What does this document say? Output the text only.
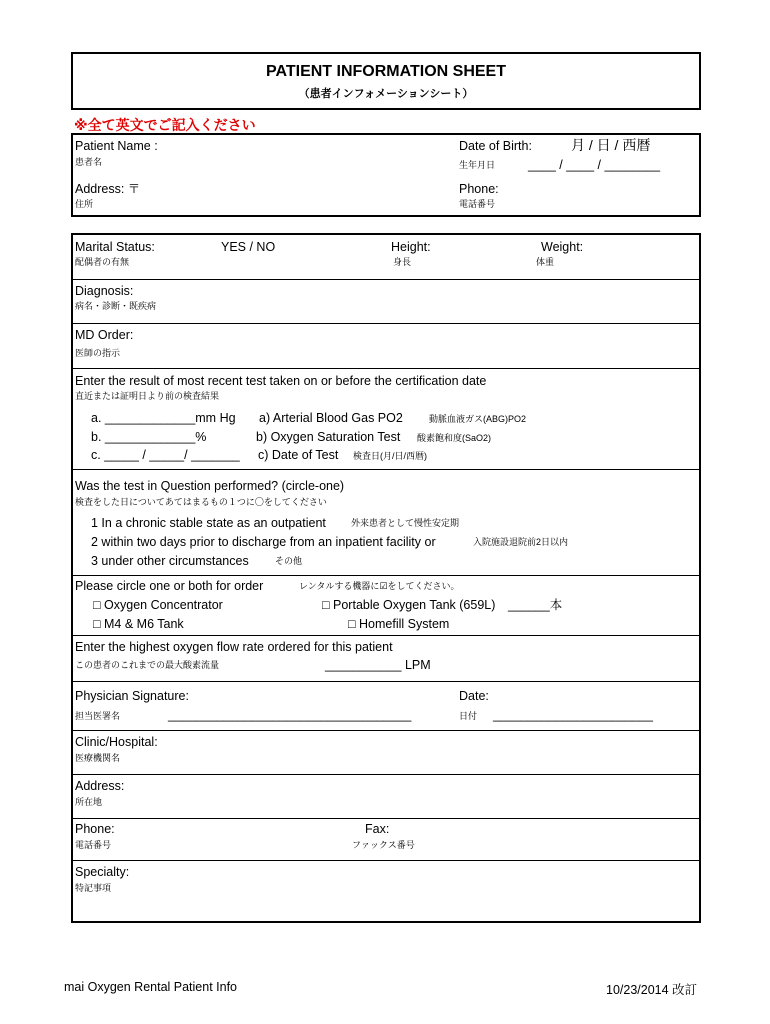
PATIENT INFORMATION SHEET
（患者インフォメーションシート）
※全て英文でご記入ください
Patient Name :
患者名
Date of Birth:	月 / 日 / 西暦
生年月日	____ / ____ / ________
Address: 〒
住所
Phone:
電話番号
Marital Status:	YES / NO
配偶者の有無
Height:
身長
Weight:
体重
Diagnosis:
病名・診断・既疾病
MD Order:
医師の指示
Enter the result of most recent test taken on or before the certification date
直近または証明日より前の検査結果
a. _____________mm Hg a) Arterial Blood Gas PO2	動脈血液ガス(ABG)PO2
b. _____________%	b) Oxygen Saturation Test 酸素飽和度(SaO2)
c. _____ / _____/ _______ c) Date of Test 検査日(月/日/西暦)
Was the test in Question performed? (circle-one)
検査をした日についてあてはまるもの１つに〇をしてください
1 In a chronic stable state as an outpatient	外来患者として慢性安定期
2 within two days prior to discharge from an inpatient facility or	入院施設退院前2日以内
3 under other circumstances	その他
Please circle one or both for order	レンタルする機器に☑をしてください。
□ Oxygen Concentrator	□ Portable Oxygen Tank (659L) ______本
□ M4 & M6 Tank	□ Homefill System
Enter the highest oxygen flow rate ordered for this patient
この患者のこれまでの最大酸素流量	___________ LPM
Physician Signature:
担当医署名	___________________________________
Date:
日付 _______________________
Clinic/Hospital:
医療機関名
Address:
所在地
Phone:
電話番号
Fax:
ファックス番号
Specialty:
特記事項
mai Oxygen Rental Patient Info	10/23/2014 改訂
